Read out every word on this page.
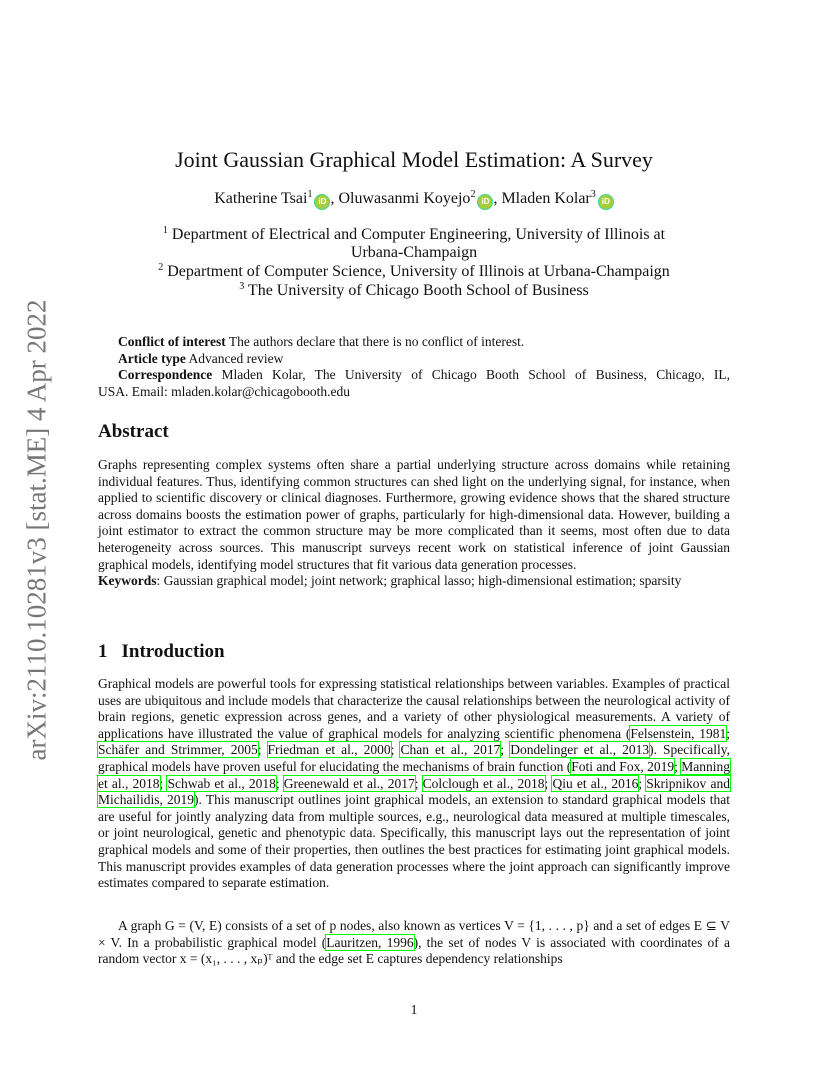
arXiv:2110.10281v3 [stat.ME] 4 Apr 2022
Joint Gaussian Graphical Model Estimation: A Survey
Katherine Tsai$^1$iD , Oluwasanmi Koyejo$^2$iD , Mladen Kolar$^3$iD
$^1$ Department of Electrical and Computer Engineering, University of Illinois at
Urbana-Champaign
$^2$ Department of Computer Science, University of Illinois at Urbana-Champaign
$^3$ The University of Chicago Booth School of Business

Conflict of interest The authors declare that there is no conflict of interest.

Article type Advanced review

Correspondence Mladen Kolar, The University of Chicago Booth School of Business, Chicago, IL,

USA. Email: mladen.kolar@chicagobooth.edu

Abstract

Graphs representing complex systems often share a partial underlying structure across domains while retaining individual features. Thus, identifying common structures can shed light on the underlying signal, for instance, when applied to scientific discovery or clinical diagnoses. Furthermore, growing evidence shows that the shared structure across domains boosts the estimation power of graphs, particularly for high-dimensional data. However, building a joint estimator to extract the common structure may be more complicated than it seems, most often due to data heterogeneity across sources. This manuscript surveys recent work on statistical inference of joint Gaussian graphical models, identifying model structures that fit various data generation processes.

Keywords: Gaussian graphical model; joint network; graphical lasso; high-dimensional estimation; sparsity

1 Introduction

Graphical models are powerful tools for expressing statistical relationships between variables. Examples of practical uses are ubiquitous and include models that characterize the causal relationships between the neurological activity of brain regions, genetic expression across genes, and a variety of other physiological measurements. A variety of applications have illustrated the value of graphical models for analyzing scientific phenomena (Felsenstein, 1981; Schäfer and Strimmer, 2005; Friedman et al., 2000; Chan et al., 2017; Dondelinger et al., 2013). Specifically, graphical models have proven useful for elucidating the mechanisms of brain function (Foti and Fox, 2019; Manning et al., 2018; Schwab et al., 2018; Greenewald et al., 2017; Colclough et al., 2018; Qiu et al., 2016; Skripnikov and Michailidis, 2019). This manuscript outlines joint graphical models, an extension to standard graphical models that are useful for jointly analyzing data from multiple sources, e.g., neurological data measured at multiple timescales, or joint neurological, genetic and phenotypic data. Specifically, this manuscript lays out the representation of joint graphical models and some of their properties, then outlines the best practices for estimating joint graphical models. This manuscript provides examples of data generation processes where the joint approach can significantly improve estimates compared to separate estimation.

A graph G = (V, E) consists of a set of p nodes, also known as vertices V = {1, . . . , p} and a set of edges E ⊆ V × V. In a probabilistic graphical model (Lauritzen, 1996), the set of nodes V is associated with coordinates of a random vector x = (x₁, . . . , xₚ)ᵀ and the edge set E captures dependency relationships

1
